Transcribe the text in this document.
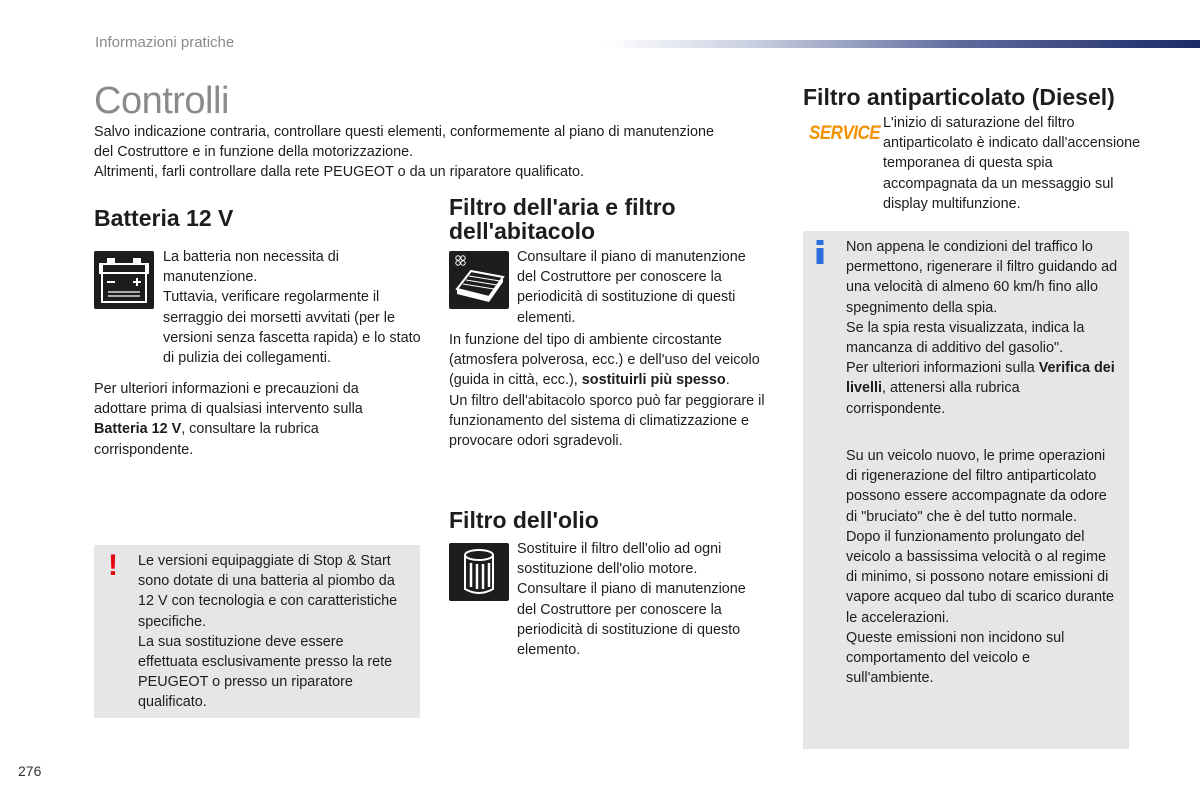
Informazioni pratiche
Controlli

Salvo indicazione contraria, controllare questi elementi, conformemente al piano di manutenzione

del Costruttore e in funzione della motorizzazione.

Altrimenti, farli controllare dalla rete PEUGEOT o da un riparatore qualificato.

Batteria 12 V
La batteria non necessita di manutenzione.
Tuttavia, verificare regolarmente il serraggio dei morsetti avvitati (per le versioni senza fascetta rapida) e lo stato di pulizia dei collegamenti.
Per ulteriori informazioni e precauzioni da adottare prima di qualsiasi intervento sulla Batteria 12 V, consultare la rubrica corrispondente.
! Le versioni equipaggiate di Stop & Start sono dotate di una batteria al piombo da 12 V con tecnologia e con caratteristiche specifiche.
La sua sostituzione deve essere effettuata esclusivamente presso la rete PEUGEOT o presso un riparatore qualificato.
Filtro dell'aria e filtro dell'abitacolo
Consultare il piano di manutenzione del Costruttore per conoscere la periodicità di sostituzione di questi elementi.
In funzione del tipo di ambiente circostante (atmosfera polverosa, ecc.) e dell'uso del veicolo (guida in città, ecc.), sostituirli più spesso.
Un filtro dell'abitacolo sporco può far peggiorare il funzionamento del sistema di climatizzazione e provocare odori sgradevoli.
Filtro dell'olio
Sostituire il filtro dell'olio ad ogni sostituzione dell'olio motore.
Consultare il piano di manutenzione del Costruttore per conoscere la periodicità di sostituzione di questo elemento.
Filtro antiparticolato (Diesel)
SERVICE L'inizio di saturazione del filtro antiparticolato è indicato dall'accensione temporanea di questa spia accompagnata da un messaggio sul display multifunzione.
Non appena le condizioni del traffico lo permettono, rigenerare il filtro guidando ad una velocità di almeno 60 km/h fino allo spegnimento della spia.
Se la spia resta visualizzata, indica la mancanza di additivo del gasolio".
Per ulteriori informazioni sulla Verifica dei livelli, attenersi alla rubrica corrispondente.
Su un veicolo nuovo, le prime operazioni di rigenerazione del filtro antiparticolato possono essere accompagnate da odore di "bruciato" che è del tutto normale.
Dopo il funzionamento prolungato del veicolo a bassissima velocità o al regime di minimo, si possono notare emissioni di vapore acqueo dal tubo di scarico durante le accelerazioni.
Queste emissioni non incidono sul comportamento del veicolo e sull'ambiente.
276
